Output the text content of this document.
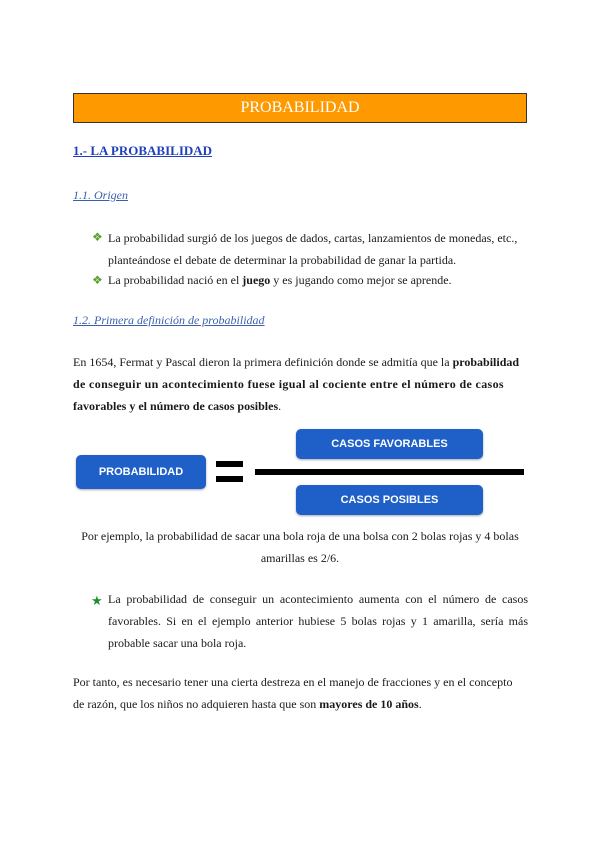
PROBABILIDAD
1.- LA PROBABILIDAD
1.1. Origen
❖ La probabilidad surgió de los juegos de dados, cartas, lanzamientos de monedas, etc.,
planteándose el debate de determinar la probabilidad de ganar la partida.
❖ La probabilidad nació en el juego y es jugando como mejor se aprende.
1.2. Primera definición de probabilidad
En 1654, Fermat y Pascal dieron la primera definición donde se admitía que la probabilidad
de conseguir un acontecimiento fuese igual al cociente entre el número de casos
favorables y el número de casos posibles.
PROBABILIDAD
CASOS FAVORABLES
CASOS POSIBLES
Por ejemplo, la probabilidad de sacar una bola roja de una bolsa con 2 bolas rojas y 4 bolas
amarillas es 2/6.
★ La probabilidad de conseguir un acontecimiento aumenta con el número de casos favorables. Si en el ejemplo anterior hubiese 5 bolas rojas y 1 amarilla, sería más probable sacar una bola roja.
Por tanto, es necesario tener una cierta destreza en el manejo de fracciones y en el concepto
de razón, que los niños no adquieren hasta que son mayores de 10 años.
